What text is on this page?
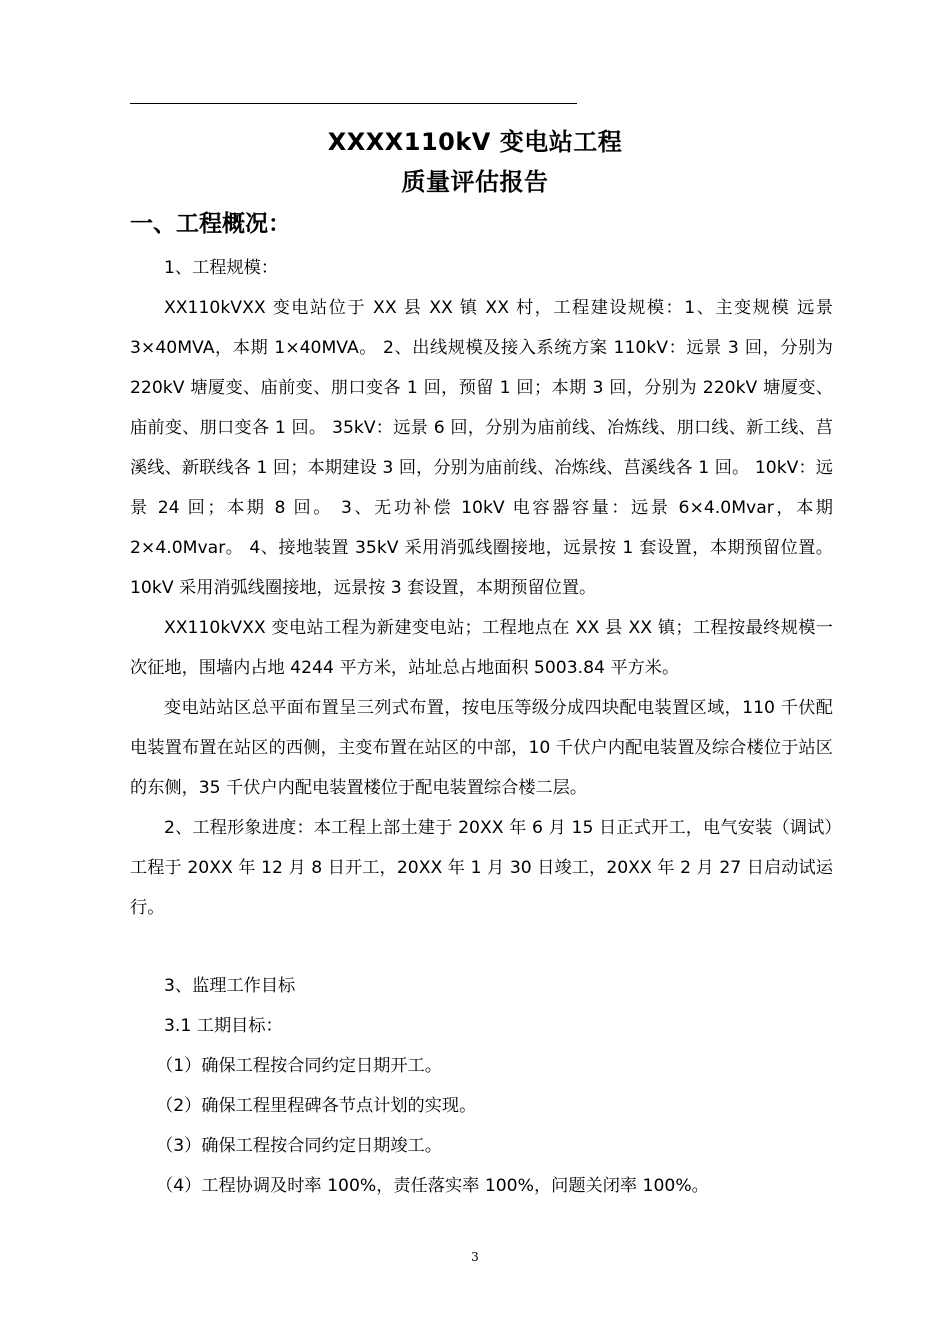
XXXX110kV 变电站工程
质量评估报告
一、工程概况：
1、工程规模：

XX110kVXX 变电站位于 XX 县 XX 镇 XX 村，工程建设规模：1、主变规模 远景 3×40MVA，本期 1×40MVA。 2、出线规模及接入系统方案 110kV：远景 3 回，分别为 220kV 塘厦变、庙前变、朋口变各 1 回，预留 1 回；本期 3 回，分别为 220kV 塘厦变、庙前变、朋口变各 1 回。 35kV：远景 6 回，分别为庙前线、冶炼线、朋口线、新工线、莒溪线、新联线各 1 回；本期建设 3 回，分别为庙前线、冶炼线、莒溪线各 1 回。 10kV：远景 24 回；本期 8 回。 3、无功补偿 10kV 电容器容量：远景 6×4.0Mvar，本期 2×4.0Mvar。 4、接地装置 35kV 采用消弧线圈接地，远景按 1 套设置，本期预留位置。10kV 采用消弧线圈接地，远景按 3 套设置，本期预留位置。

XX110kVXX 变电站工程为新建变电站；工程地点在 XX 县 XX 镇；工程按最终规模一次征地，围墙内占地 4244 平方米，站址总占地面积 5003.84 平方米。

变电站站区总平面布置呈三列式布置，按电压等级分成四块配电装置区域，110 千伏配电装置布置在站区的西侧，主变布置在站区的中部，10 千伏户内配电装置及综合楼位于站区的东侧，35 千伏户内配电装置楼位于配电装置综合楼二层。

2、工程形象进度：本工程上部土建于 20XX 年 6 月 15 日正式开工，电气安装（调试）工程于 20XX 年 12 月 8 日开工，20XX 年 1 月 30 日竣工，20XX 年 2 月 27 日启动试运行。

3、监理工作目标
3.1 工期目标：
（1）确保工程按合同约定日期开工。
（2）确保工程里程碑各节点计划的实现。
（3）确保工程按合同约定日期竣工。
（4）工程协调及时率 100%，责任落实率 100%，问题关闭率 100%。
3
